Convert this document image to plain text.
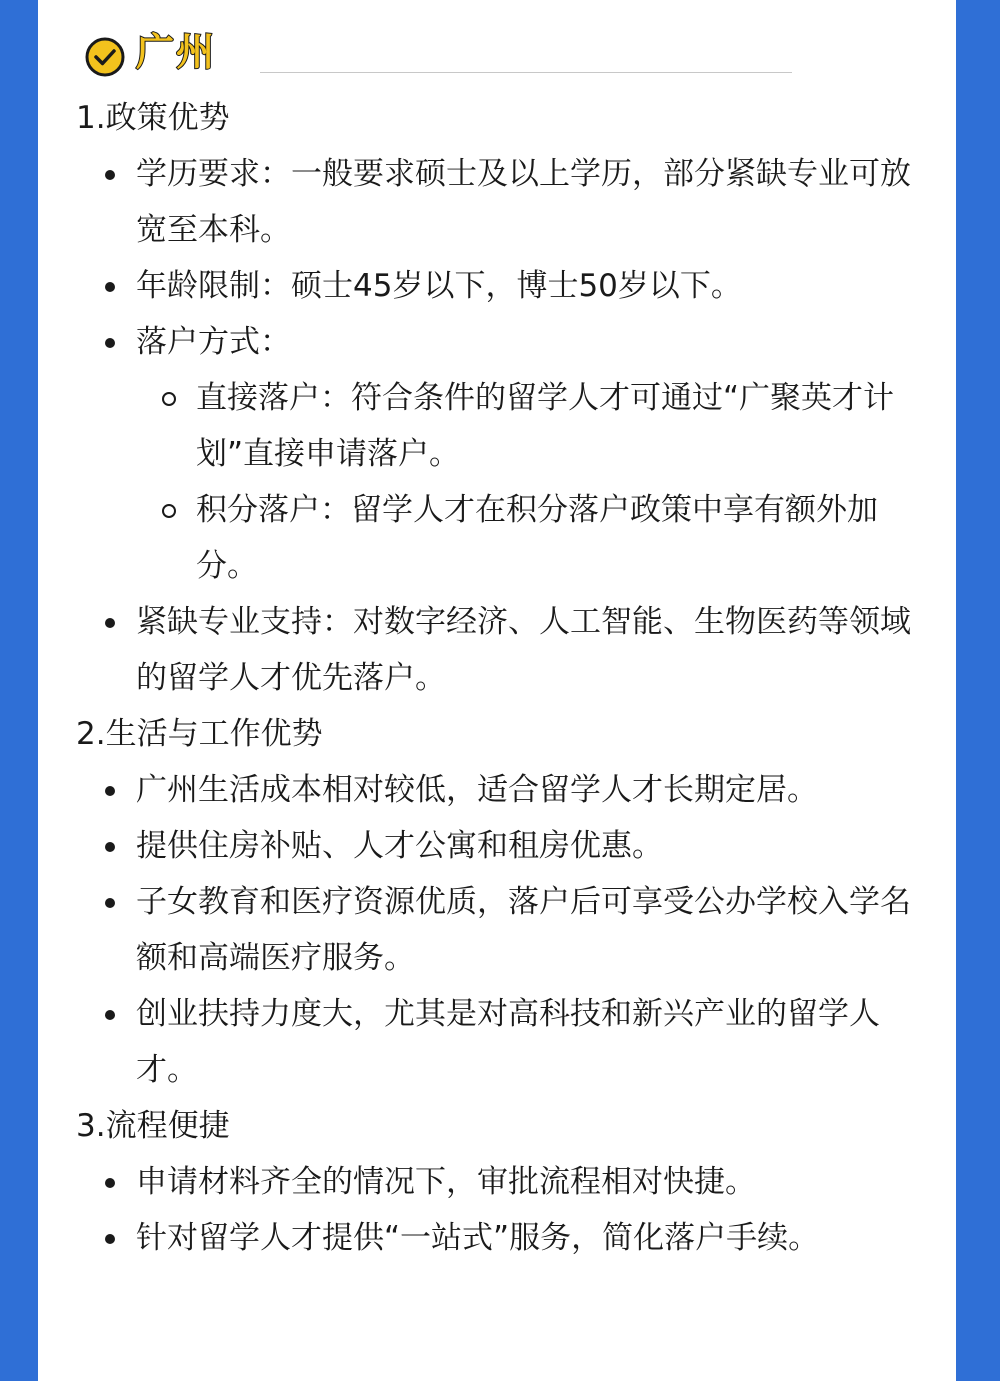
广州
1.政策优势
学历要求：一般要求硕士及以上学历，部分紧缺专业可放宽至本科。
年龄限制：硕士45岁以下，博士50岁以下。
落户方式：
直接落户：符合条件的留学人才可通过“广聚英才计划”直接申请落户。
积分落户：留学人才在积分落户政策中享有额外加分。
紧缺专业支持：对数字经济、人工智能、生物医药等领域的留学人才优先落户。
2.生活与工作优势
广州生活成本相对较低，适合留学人才长期定居。
提供住房补贴、人才公寓和租房优惠。
子女教育和医疗资源优质，落户后可享受公办学校入学名额和高端医疗服务。
创业扶持力度大，尤其是对高科技和新兴产业的留学人才。
3.流程便捷
申请材料齐全的情况下，审批流程相对快捷。
针对留学人才提供“一站式”服务，简化落户手续。
